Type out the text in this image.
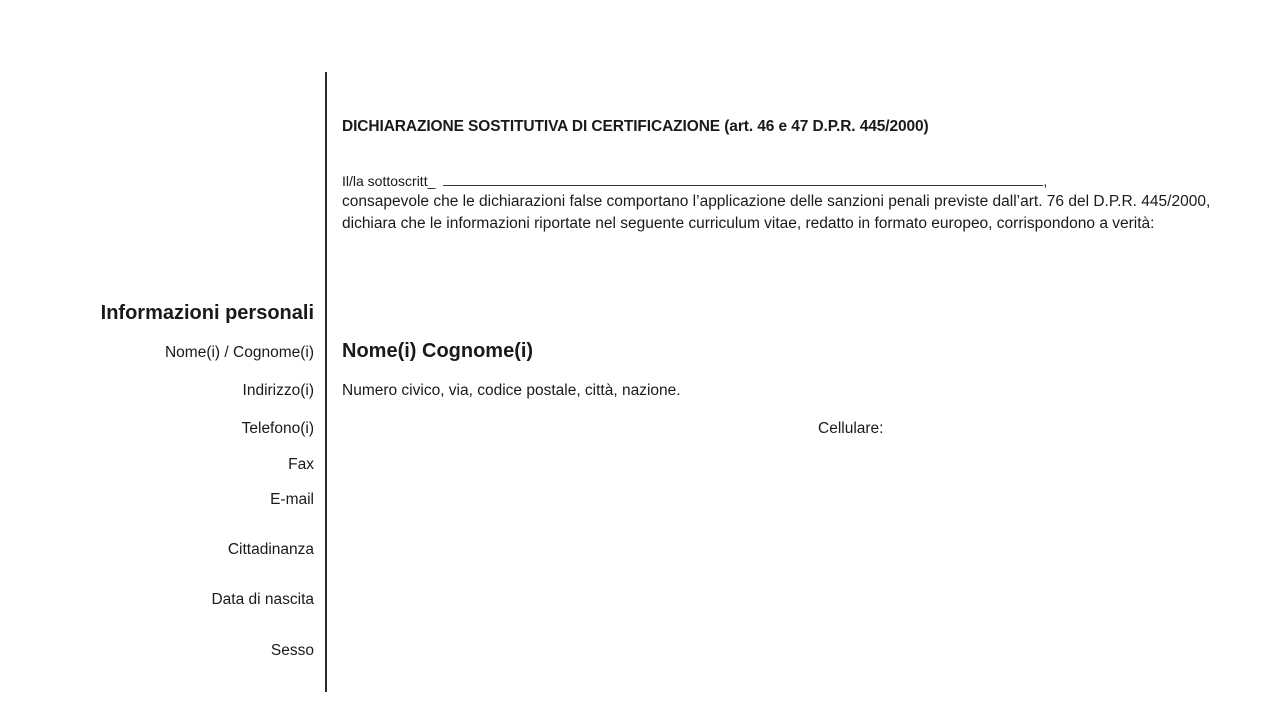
DICHIARAZIONE SOSTITUTIVA DI CERTIFICAZIONE (art. 46 e 47 D.P.R. 445/2000)
Il/la sottoscritt_	,
consapevole che le dichiarazioni false comportano l’applicazione delle sanzioni penali previste dall’art. 76 del D.P.R. 445/2000, dichiara che le informazioni riportate nel seguente curriculum vitae, redatto in formato europeo, corrispondono a verità:
Informazioni personali
Nome(i) / Cognome(i)
Indirizzo(i)
Telefono(i)
Fax
E-mail
Cittadinanza
Data di nascita
Sesso
Nome(i) Cognome(i)
Numero civico, via, codice postale, città, nazione.
Cellulare:
